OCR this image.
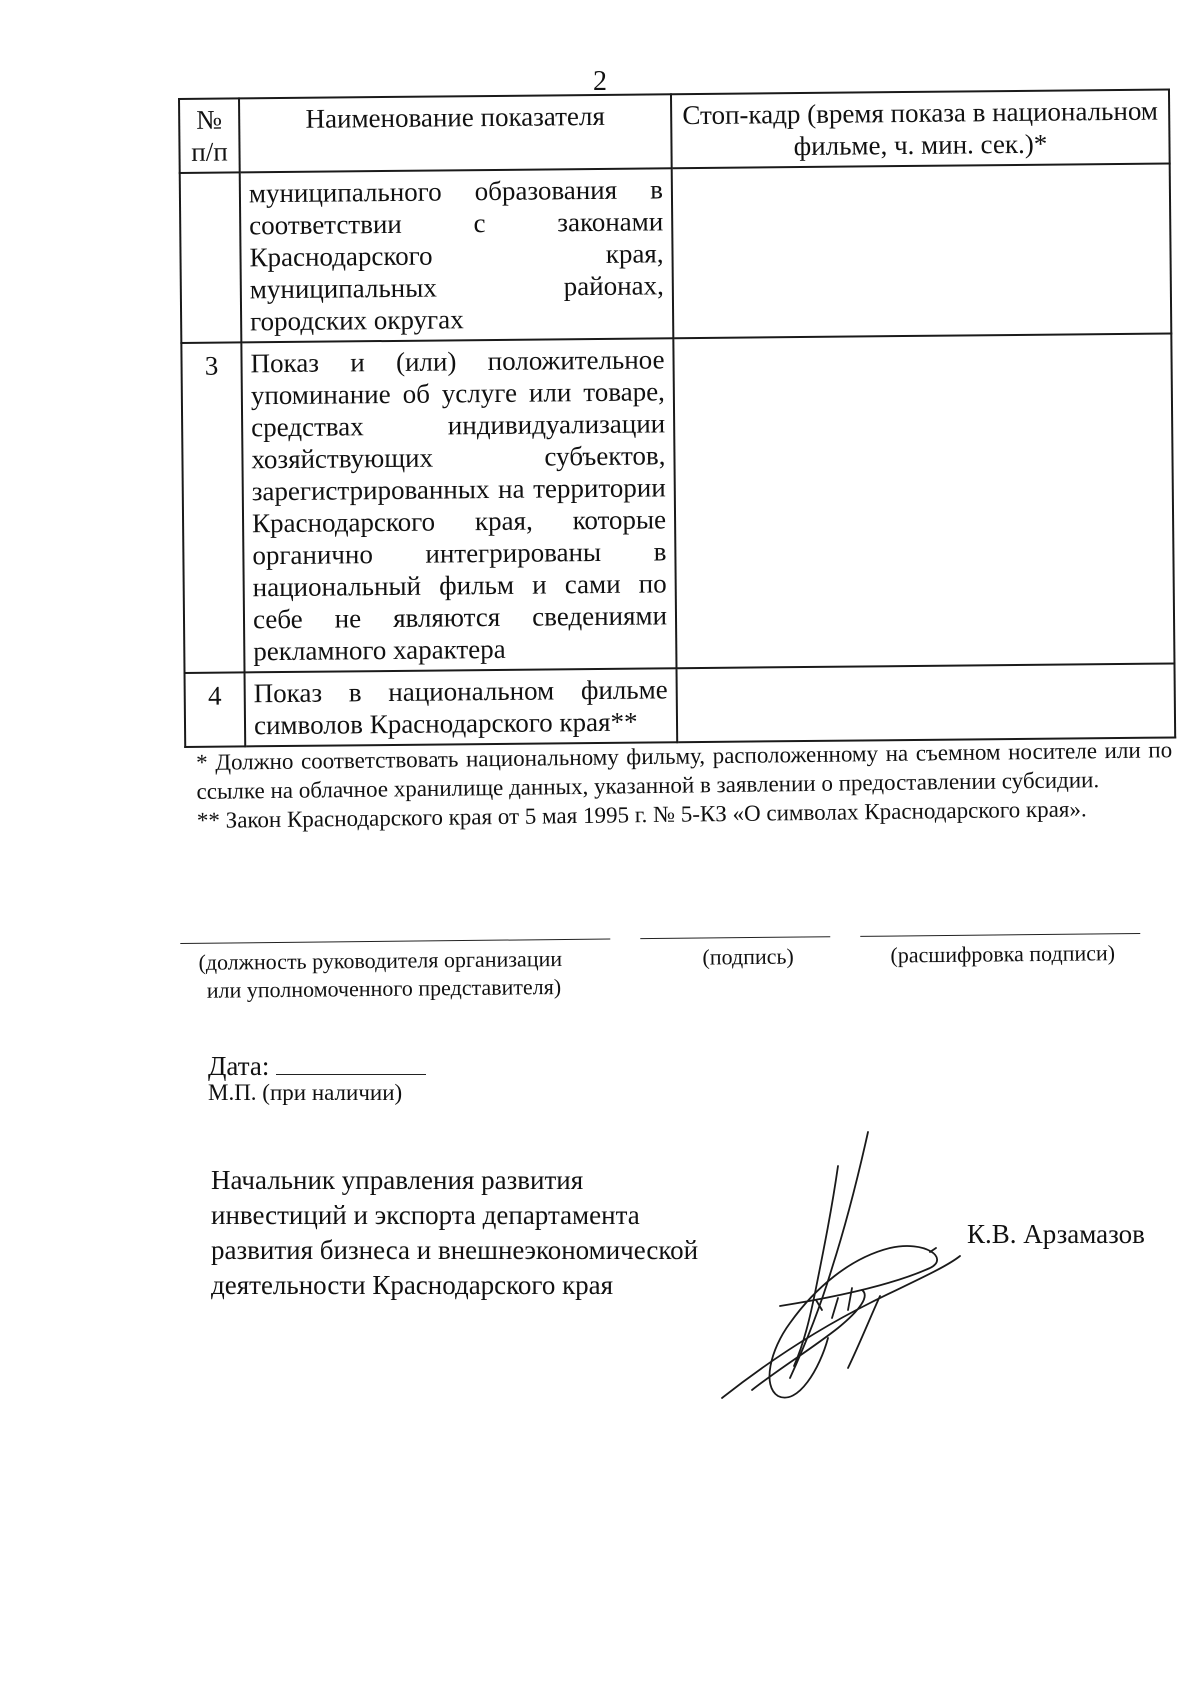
2
№ п/п	Наименование показателя	Стоп-кадр (время показа в национальном фильме, ч. мин. сек.)*
	муниципального образования в соответствии с законами Краснодарского края, муниципальных районах, городских округах	
3	Показ и (или) положительное упоминание об услуге или товаре, средствах индивидуализации хозяйствующих субъектов, зарегистрированных на территории Краснодарского края, которые органично интегрированы в национальный фильм и сами по себе не являются сведениями рекламного характера	
4	Показ в национальном фильме символов Краснодарского края**	

* Должно соответствовать национальному фильму, расположенному на съемном носителе или по ссылке на облачное хранилище данных, указанной в заявлении о предоставлении субсидии.

** Закон Краснодарского края от 5 мая 1995 г. № 5-КЗ «О символах Краснодарского края».

(должность руководителя организации
или уполномоченного представителя)
(подпись)	(расшифровка подписи)
Дата:
М.П. (при наличии)
Начальник управления развития
инвестиций и экспорта департамента
развития бизнеса и внешнеэкономической
деятельности Краснодарского края
К.В. Арзамазов
